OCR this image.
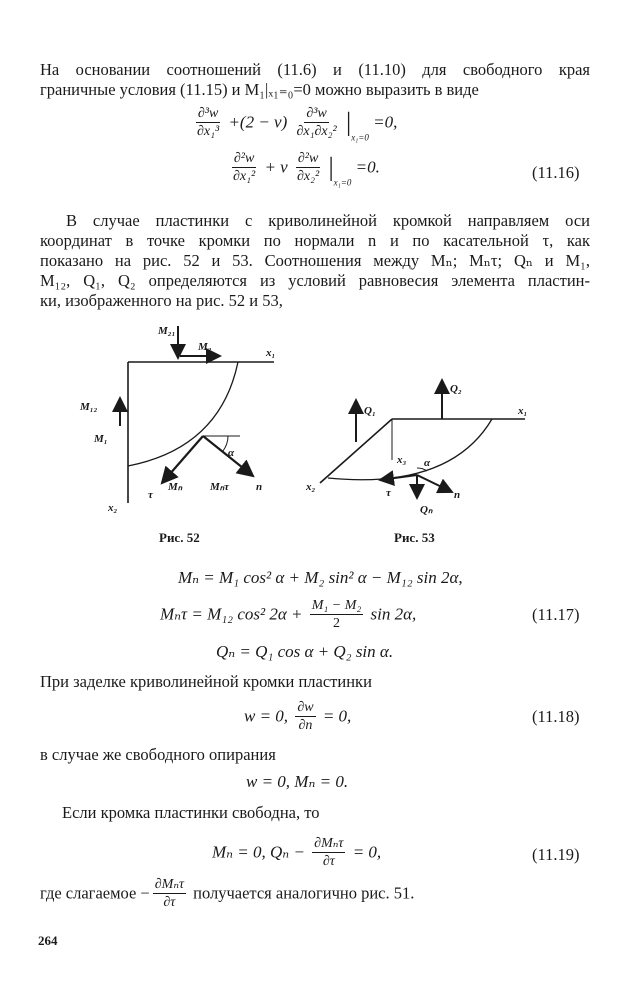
На основании соотношений (11.6) и (11.10) для свободного края
граничные условия (11.15) и M₁|ₓ₁₌₀=0 можно выразить в виде
$\frac{\text{∂³w}}{\text{∂x₁³}} +(2 - \nu) \frac{\text{∂³w}}{\text{∂x₁∂x₂²}} |_{x_1=0} =0$,
$\frac{\text{∂²w}}{\text{∂x₁²}} + \nu \frac{\text{∂²w}}{\text{∂x₂²}} |_{x_1=0} =0$.	(11.16)
В случае пластинки с криволинейной кромкой направляем оси
координат в точке кромки по нормали n и по касательной τ, как
показано на рис. 52 и 53. Соотношения между Mₙ; Mₙτ; Qₙ и M₁,
M₁₂, Q₁, Q₂ определяются из условий равновесия элемента пластин-
ки, изображенного на рис. 52 и 53,
M₂₁
M₂	x₁
M₁₂
M₁
α
τ
Mₙ	Mₙτ n
x₂
Рис. 52
Q₂
Q₁	x₁
x₃ α
x₂	τ
Qₙ
n
Рис. 53
Mₙ = M₁ cos² α + M₂ sin² α − M₁₂ sin 2α,
Mₙτ = M₁₂ cos² $2\alpha + \frac{\text{M₁ − M₂}}{2}$ sin 2α,	(11.17)
Qₙ = Q₁ cos α + Q₂ sin α.
При заделке криволинейной кромки пластинки
w = 0, $\frac{\partial w}{\partial n} = 0$,	(11.18)
в случае же свободного опирания
w = 0, Mₙ = 0.
Если кромка пластинки свободна, то
Mₙ = 0, $Q_n - \frac{\text{∂Mₙτ}}{\partial\tau} = 0$,	(11.19)
где слагаемое − $\frac{\text{∂Mₙτ}}{\partial\tau}$ получается аналогично рис. 51.
264
